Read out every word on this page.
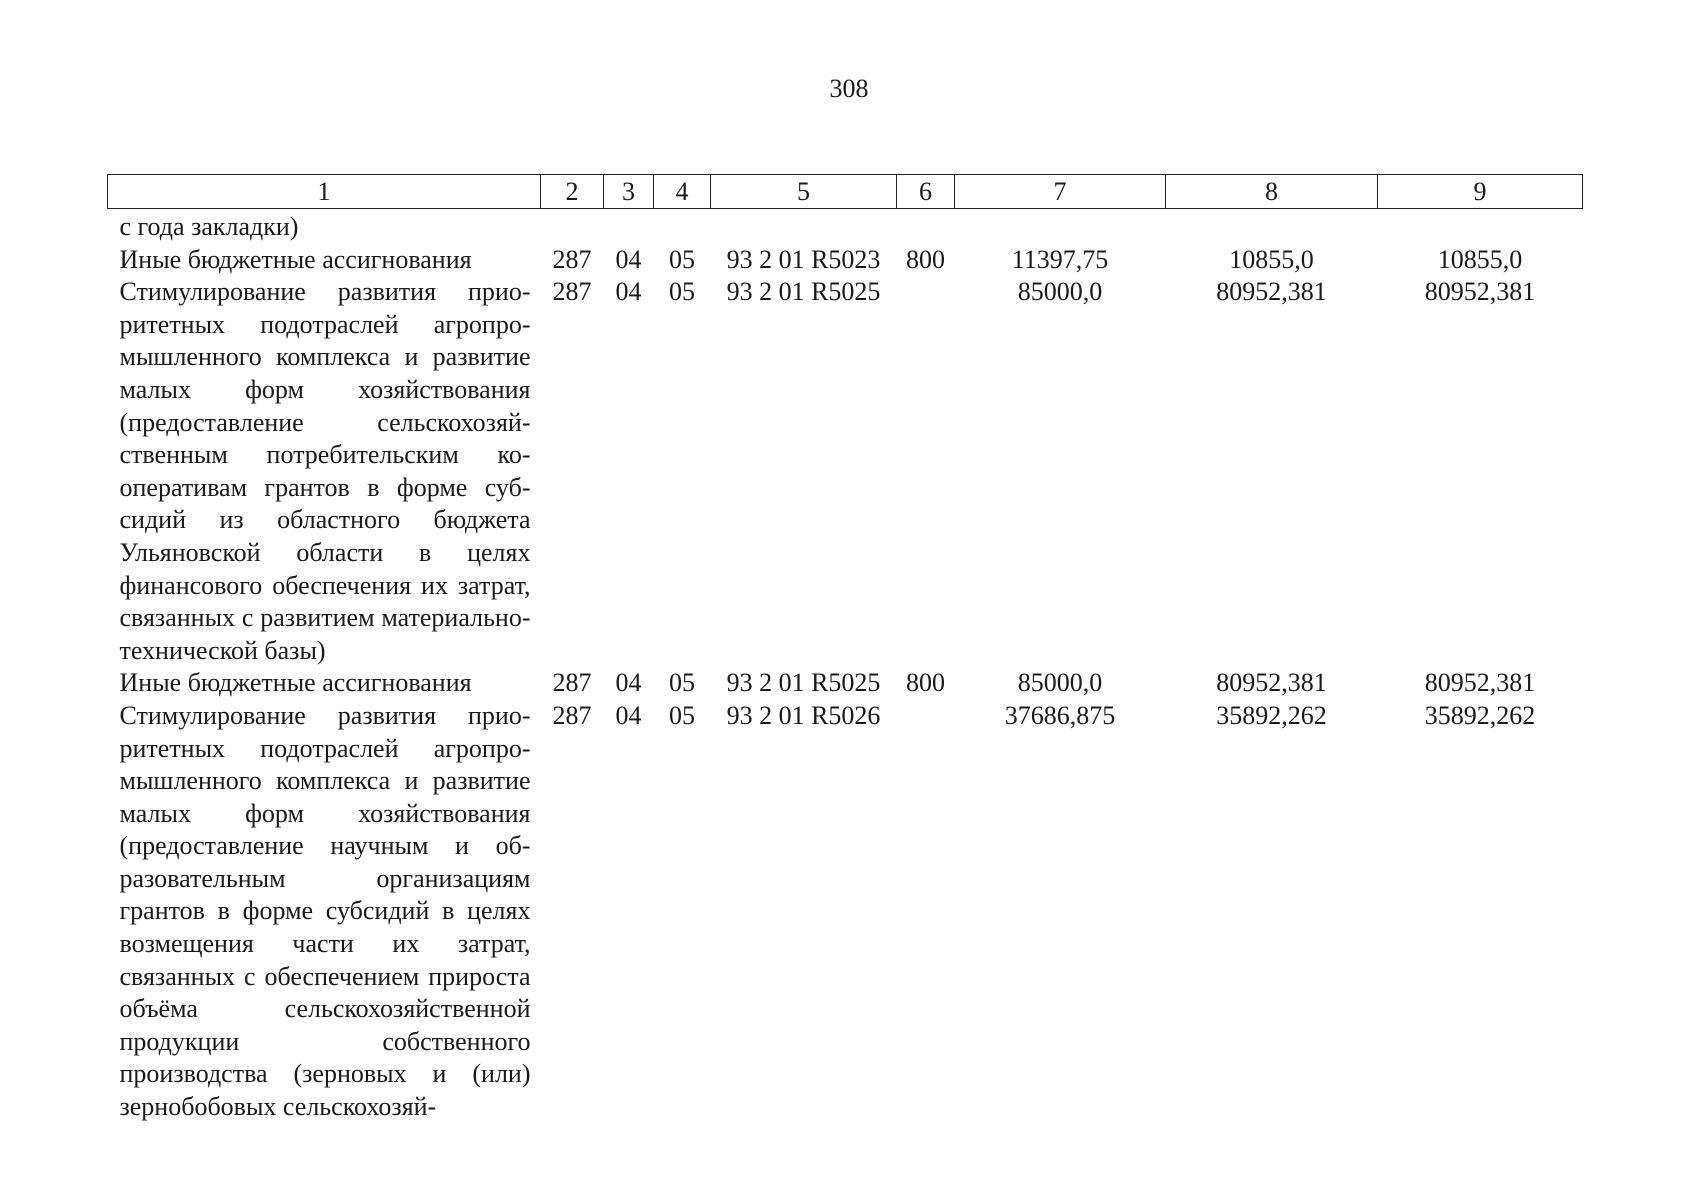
308
1	2	3	4	5	6	7	8	9
с года закладки)								
Иные бюджетные ассигнования	287	04	05	93 2 01 R5023	800	11397,75	10855,0	10855,0
Стимулирование развития приоритетных подотраслей агропромышленного комплекса и развитие малых форм хозяйствования (предоставление сельскохозяйственным потребительским кооперативам грантов в форме субсидий из областного бюджета Ульяновской области в целях финансового обеспечения их затрат, связанных с развитием материально-технической базы)	287	04	05	93 2 01 R5025		85000,0	80952,381	80952,381
Иные бюджетные ассигнования	287	04	05	93 2 01 R5025	800	85000,0	80952,381	80952,381
Стимулирование развития приоритетных подотраслей агропромышленного комплекса и развитие малых форм хозяйствования (предоставление научным и образовательным организациям грантов в форме субсидий в целях возмещения части их затрат, связанных с обеспечением прироста объёма сельскохозяйственной продукции собственного производства (зерновых и (или) зернобобовых сельскохозяй-	287	04	05	93 2 01 R5026		37686,875	35892,262	35892,262
